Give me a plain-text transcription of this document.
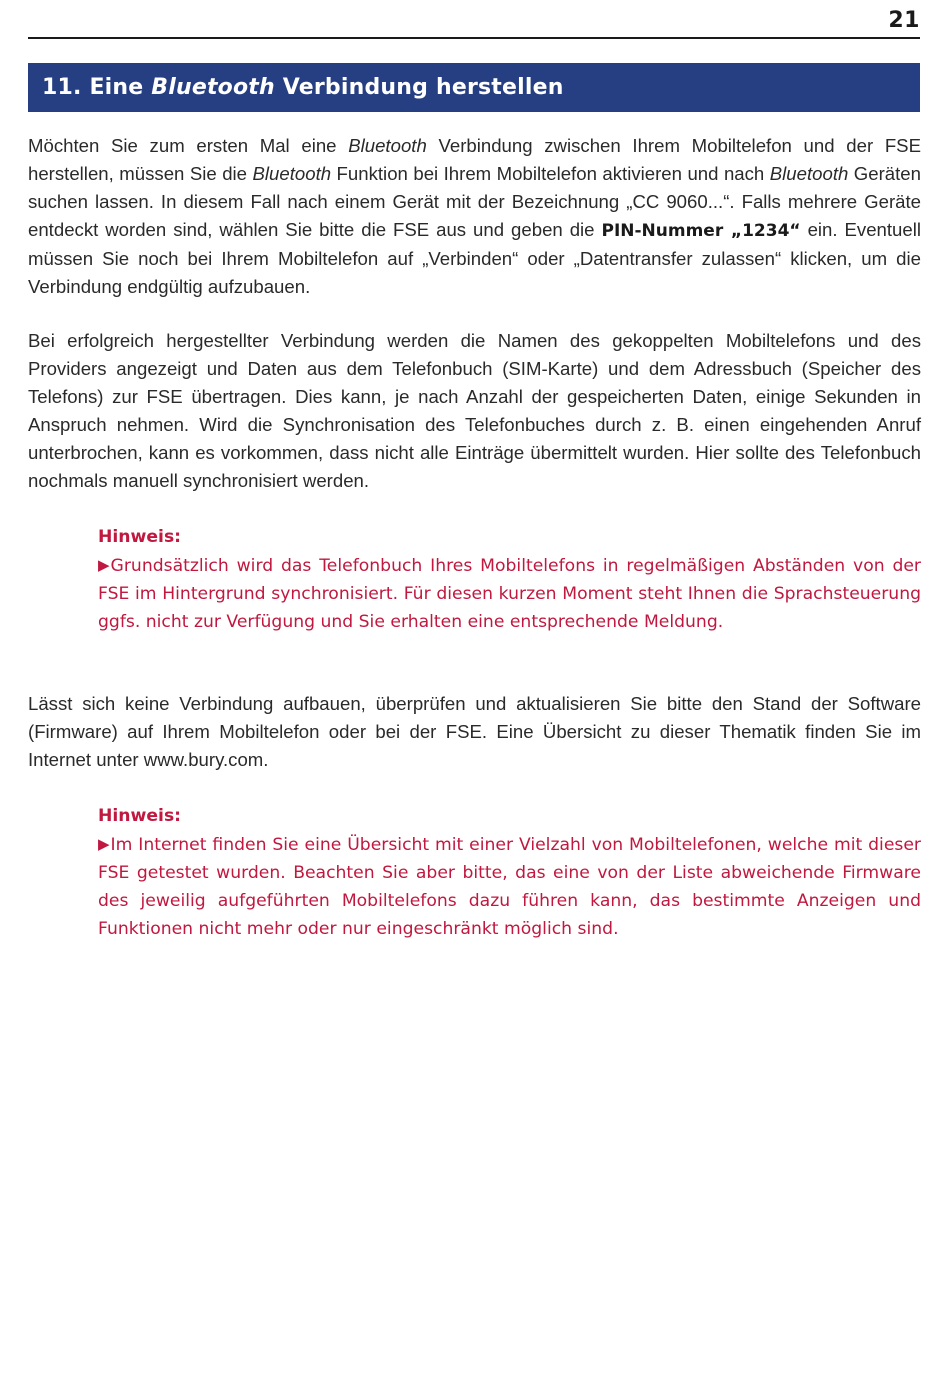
21
11. Eine Bluetooth Verbindung herstellen

Möchten Sie zum ersten Mal eine Bluetooth Verbindung zwischen Ihrem Mobiltelefon und der FSE herstellen, müssen Sie die Bluetooth Funktion bei Ihrem Mobiltelefon aktivieren und nach Bluetooth Geräten suchen lassen. In diesem Fall nach einem Gerät mit der Bezeichnung „CC 9060...“. Falls mehrere Geräte entdeckt worden sind, wählen Sie bitte die FSE aus und geben die PIN-Nummer „1234“ ein. Eventuell müssen Sie noch bei Ihrem Mobiltelefon auf „Verbinden“ oder „Datentransfer zulassen“ klicken, um die Verbindung endgültig aufzubauen.

Bei erfolgreich hergestellter Verbindung werden die Namen des gekoppelten Mobiltelefons und des Providers angezeigt und Daten aus dem Telefonbuch (SIM-Karte) und dem Adressbuch (Speicher des Telefons) zur FSE übertragen. Dies kann, je nach Anzahl der gespeicherten Daten, einige Sekunden in Anspruch nehmen. Wird die Synchronisation des Telefonbuches durch z. B. einen eingehenden Anruf unterbrochen, kann es vorkommen, dass nicht alle Einträge übermittelt wurden. Hier sollte des Telefonbuch nochmals manuell synchronisiert werden.

Hinweis:
▶Grundsätzlich wird das Telefonbuch Ihres Mobiltelefons in regelmäßigen Abständen von der FSE im Hintergrund synchronisiert. Für diesen kurzen Moment steht Ihnen die Sprachsteuerung ggfs. nicht zur Verfügung und Sie erhalten eine entsprechende Meldung.

Lässt sich keine Verbindung aufbauen, überprüfen und aktualisieren Sie bitte den Stand der Software (Firmware) auf Ihrem Mobiltelefon oder bei der FSE. Eine Übersicht zu dieser Thematik finden Sie im Internet unter www.bury.com.

Hinweis:
▶Im Internet finden Sie eine Übersicht mit einer Vielzahl von Mobiltelefonen, welche mit dieser FSE getestet wurden. Beachten Sie aber bitte, das eine von der Liste abweichende Firmware des jeweilig aufgeführten Mobiltelefons dazu führen kann, das bestimmte Anzeigen und Funktionen nicht mehr oder nur eingeschränkt möglich sind.
